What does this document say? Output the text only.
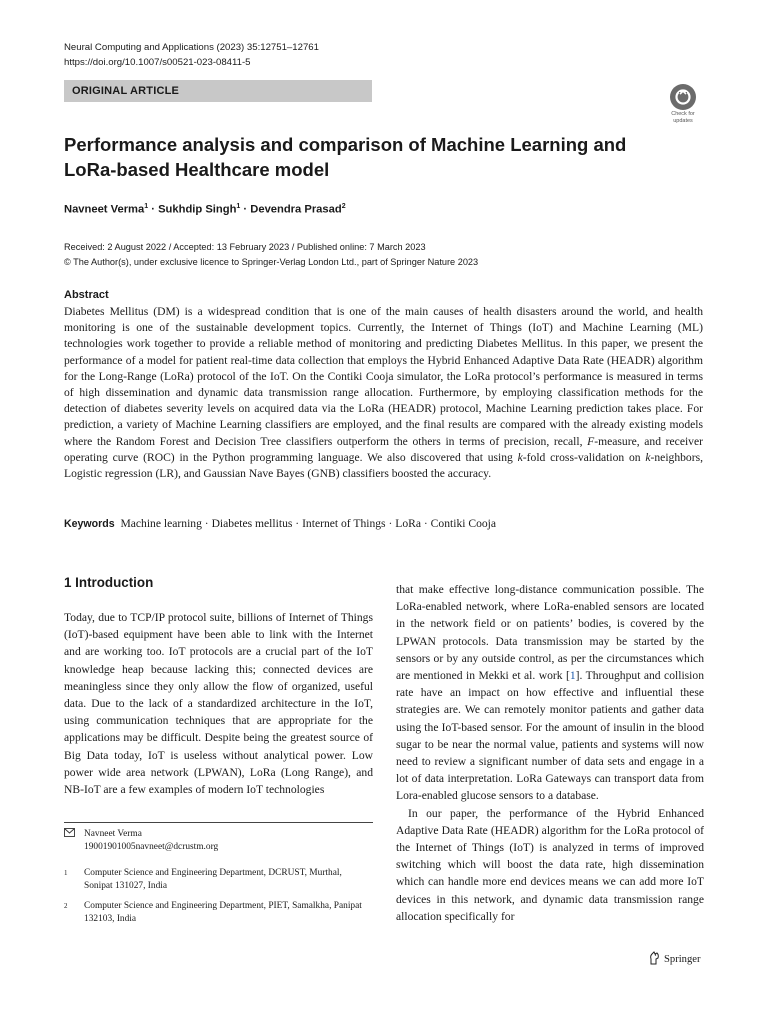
Neural Computing and Applications (2023) 35:12751–12761
https://doi.org/10.1007/s00521-023-08411-5
ORIGINAL ARTICLE
Check for
updates
Performance analysis and comparison of Machine Learning and LoRa-based Healthcare model
Navneet Verma$^1$ · Sukhdip Singh$^1$ · Devendra Prasad$^2$
Received: 2 August 2022 / Accepted: 13 February 2023 / Published online: 7 March 2023
© The Author(s), under exclusive licence to Springer-Verlag London Ltd., part of Springer Nature 2023
Abstract

Diabetes Mellitus (DM) is a widespread condition that is one of the main causes of health disasters around the world, and health monitoring is one of the sustainable development topics. Currently, the Internet of Things (IoT) and Machine Learning (ML) technologies work together to provide a reliable method of monitoring and predicting Diabetes Mellitus. In this paper, we present the performance of a model for patient real-time data collection that employs the Hybrid Enhanced Adaptive Data Rate (HEADR) algorithm for the Long-Range (LoRa) protocol of the IoT. On the Contiki Cooja simulator, the LoRa protocol’s performance is measured in terms of high dissemination and dynamic data transmission range allocation. Furthermore, by employing classification methods for the detection of diabetes severity levels on acquired data via the LoRa (HEADR) protocol, Machine Learning prediction takes place. For prediction, a variety of Machine Learning classifiers are employed, and the final results are compared with the already existing models where the Random Forest and Decision Tree classifiers outperform the others in terms of precision, recall, F-measure, and receiver operating curve (ROC) in the Python programming language. We also discovered that using k-fold cross-validation on k-neighbors, Logistic regression (LR), and Gaussian Nave Bayes (GNB) classifiers boosted the accuracy.

Keywords Machine learning · Diabetes mellitus · Internet of Things · LoRa · Contiki Cooja
1 Introduction

Today, due to TCP/IP protocol suite, billions of Internet of Things (IoT)-based equipment have been able to link with the Internet and are working too. IoT protocols are a crucial part of the IoT knowledge heap because lacking this; connected devices are meaningless since they only allow the flow of organized, useful data. Due to the lack of a standardized architecture in the IoT, using communication techniques that are appropriate for the applications may be difficult. Despite being the greatest source of Big Data today, IoT is useless without analytical power. Low power wide area network (LPWAN), LoRa (Long Range), and NB-IoT are a few examples of modern IoT technologies

that make effective long-distance communication possible. The LoRa-enabled network, where LoRa-enabled sensors are located in the network field or on patients’ bodies, is covered by the LPWAN protocols. Data transmission may be started by the sensors or by any outside control, as per the circumstances which are mentioned in Mekki et al. work [1]. Throughput and collision rate have an impact on how effective and influential these strategies are. We can remotely monitor patients and gather data using the IoT-based sensor. For the amount of insulin in the blood sugar to be near the normal value, patients and systems will now need to review a significant number of data sets and engage in a lot of data interpretation. LoRa Gateways can transport data from Lora-enabled glucose sensors to a database.
In our paper, the performance of the Hybrid Enhanced Adaptive Data Rate (HEADR) algorithm for the LoRa protocol of the Internet of Things (IoT) is analyzed in terms of improved switching which will boost the data rate, high dissemination which can handle more end devices means we can add more IoT devices in this network, and dynamic data transmission range allocation specifically for

Navneet Verma
19001901005navneet@dcrustm.org
1 Computer Science and Engineering Department, DCRUST, Murthal, Sonipat 131027, India
2 Computer Science and Engineering Department, PIET, Samalkha, Panipat 132103, India
Springer
